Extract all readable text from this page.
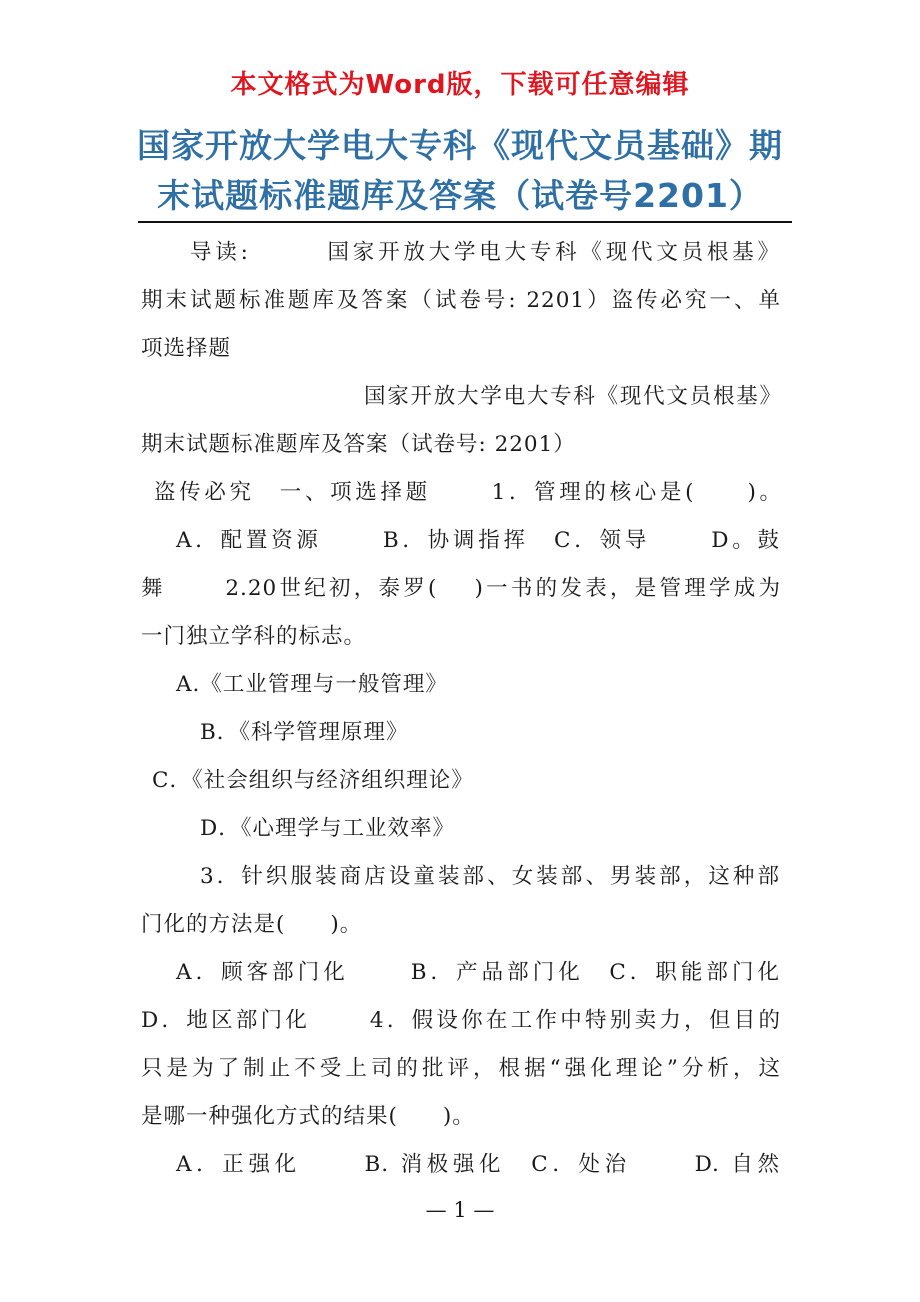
本文格式为Word版，下载可任意编辑
国家开放大学电大专科《现代文员基础》期
末试题标准题库及答案（试卷号2201）
导读:　　　国家开放大学电大专科《现代文员根基》
期末试题标准题库及答案（试卷号: 2201）盗传必究一、单
项选择题
国家开放大学电大专科《现代文员根基》
期末试题标准题库及答案（试卷号: 2201）
盗传必究　一、项选择题　　 1．管理的核心是(　　)。
A．配置资源　　 B．协调指挥　C．领导　　 D。鼓
舞　　 2.20世纪初，泰罗(　 )一书的发表，是管理学成为
一门独立学科的标志。
A.《工业管理与一般管理》
B．《科学管理原理》
C．《社会组织与经济组织理论》
D．《心理学与工业效率》
3．针织服装商店设童装部、女装部、男装部，这种部
门化的方法是(　　)。
A．顾客部门化　　 B．产品部门化　C．职能部门化
D．地区部门化　　 4．假设你在工作中特别卖力，但目的
只是为了制止不受上司的批评，根据“强化理论”分析，这
是哪一种强化方式的结果(　　)。
A．正强化　　 B. 消极强化　C．处治　　 D. 自然
— 1 —
